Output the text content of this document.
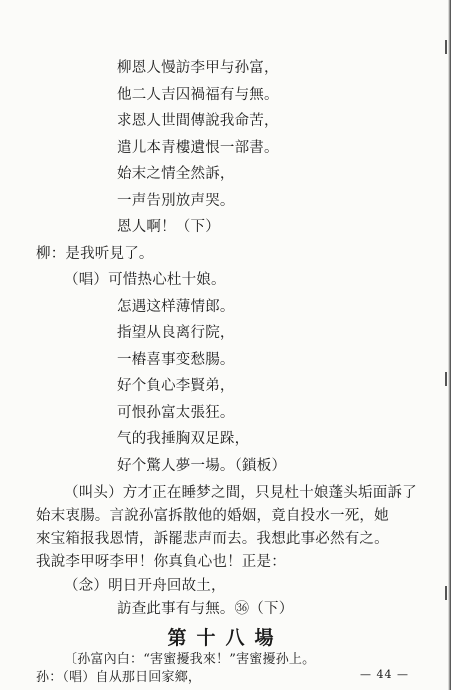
柳恩人慢訪李甲与孙富，
他二人吉囚禍福有与無。
求恩人世間傳說我命苦，
遣儿本青樓遺恨一部書。
始末之情全然訴，
一声告別放声哭。
恩人啊！（下）
柳：是我听見了。
（唱）可惜热心杜十娘。
怎遇这样薄情郎。
指望从良离行院，
一樁喜事变愁腸。
好个負心李賢弟，
可恨孙富太張狂。
气的我捶胸双足跺，
好个驚人夢一場。（鎖板）
（叫头）方才正在睡梦之間，只見杜十娘蓬头垢面訴了
始末衷腸。言說孙富拆散他的婚姻，竟自投水一死，她
來宝箱报我恩情，訴罷悲声而去。我想此事必然有之。
我說李甲呀李甲！你真負心也！正是：
（念）明日开舟回故土，
第十八場
〔孙富內白：“害蜜擾我來！”害蜜擾孙上。
孙：（唱）自从那日回家鄉，	— 44 —
訪查此事有与無。㊱（下）
